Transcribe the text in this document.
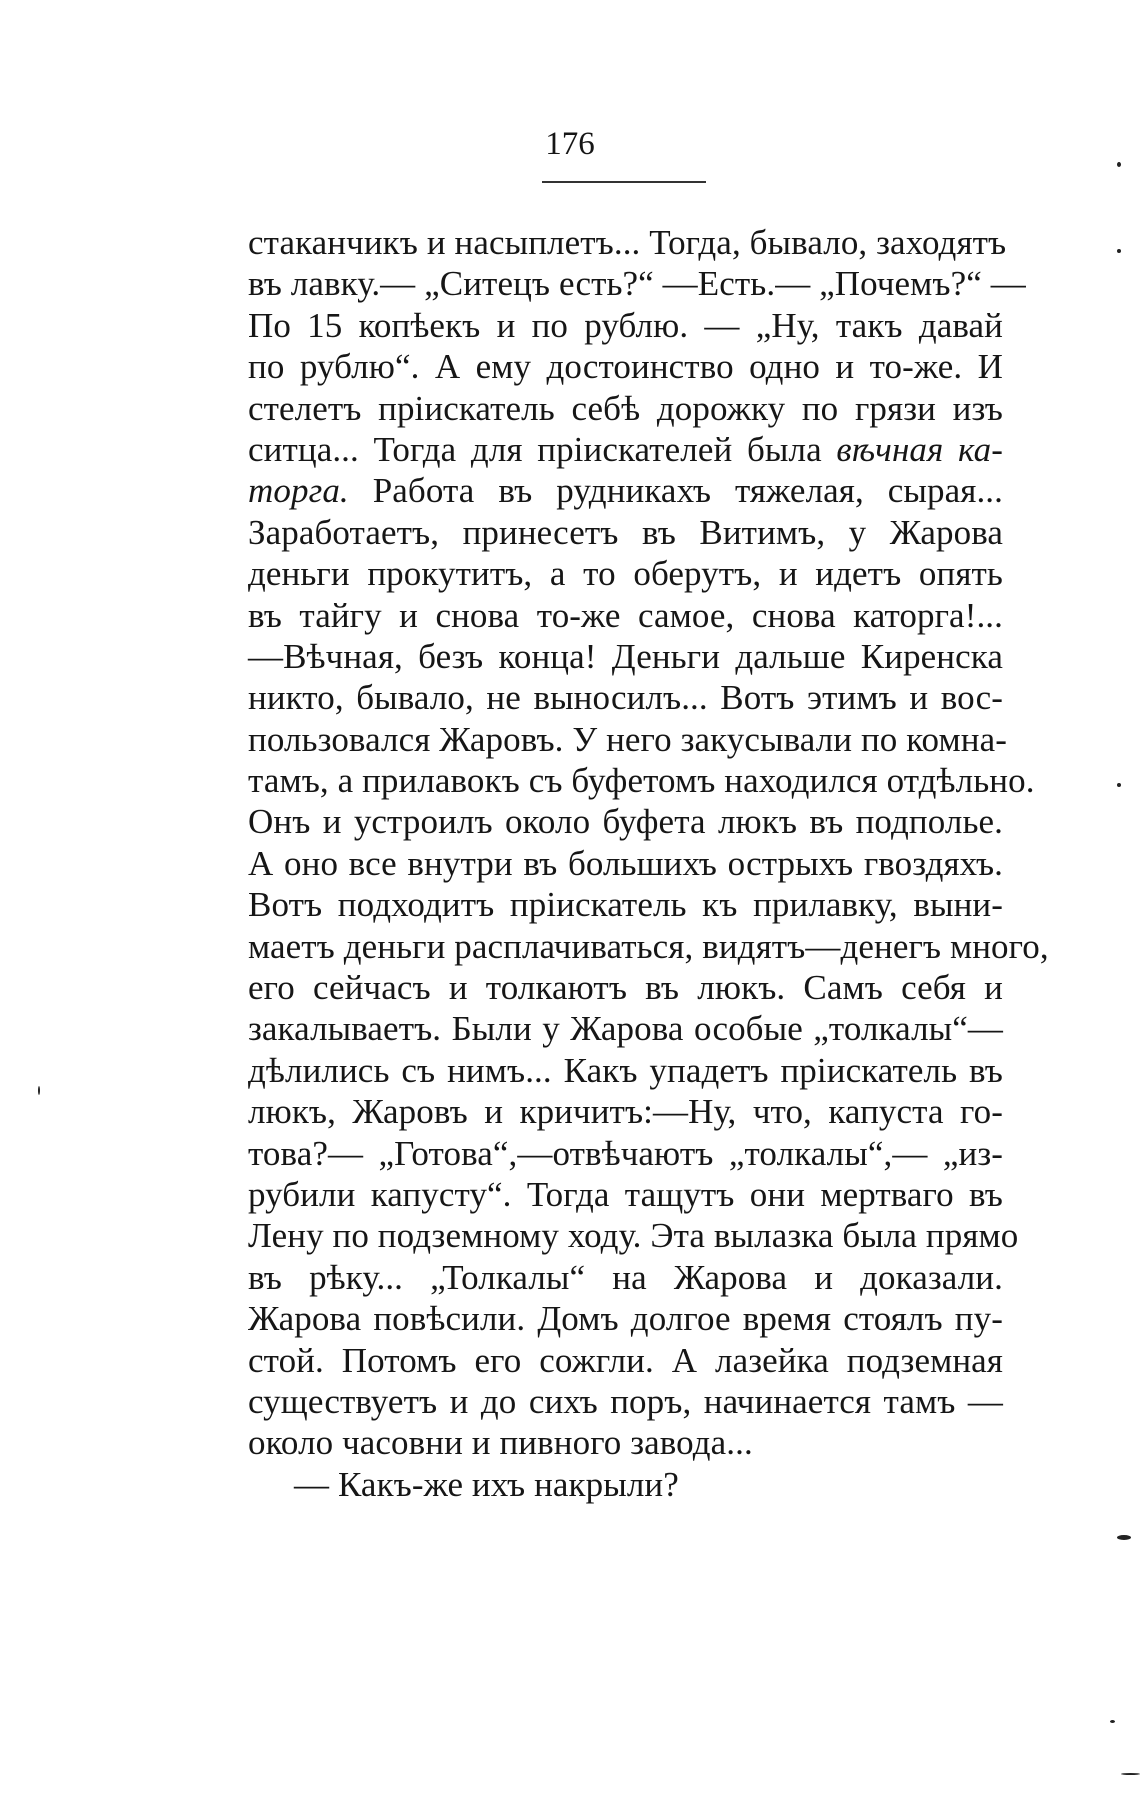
176
стаканчикъ и насыплетъ... Тогда, бывало, заходятъ
въ лавку.— „Ситецъ есть?“ —Есть.— „Почемъ?“ —
По 15 копѣекъ и по рублю. — „Ну, такъ давай
по рублю“. А ему достоинство одно и то-же. И
стелетъ пріискатель себѣ дорожку по грязи изъ
ситца... Тогда для пріискателей была вѣчная ка-
торга. Работа въ рудникахъ тяжелая, сырая...
Заработаетъ, принесетъ въ Витимъ, у Жарова
деньги прокутитъ, а то оберутъ, и идетъ опять
въ тайгу и снова то-же самое, снова каторга!...
—Вѣчная, безъ конца! Деньги дальше Киренска
никто, бывало, не выносилъ... Вотъ этимъ и вос-
пользовался Жаровъ. У него закусывали по комна-
тамъ, а прилавокъ съ буфетомъ находился отдѣльно.
Онъ и устроилъ около буфета люкъ въ подполье.
А оно все внутри въ большихъ острыхъ гвоздяхъ.
Вотъ подходитъ пріискатель къ прилавку, выни-
маетъ деньги расплачиваться, видятъ—денегъ много,
его сейчасъ и толкаютъ въ люкъ. Самъ себя и
закалываетъ. Были у Жарова особые „толкалы“—
дѣлились съ нимъ... Какъ упадетъ пріискатель въ
люкъ, Жаровъ и кричитъ:—Ну, что, капуста го-
това?— „Готова“,—отвѣчаютъ „толкалы“,— „из-
рубили капусту“. Тогда тащутъ они мертваго въ
Лену по подземному ходу. Эта вылазка была прямо
въ рѣку... „Толкалы“ на Жарова и доказали.
Жарова повѣсили. Домъ долгое время стоялъ пу-
стой. Потомъ его сожгли. А лазейка подземная
существуетъ и до сихъ поръ, начинается тамъ —
около часовни и пивного завода...
— Какъ-же ихъ накрыли?
